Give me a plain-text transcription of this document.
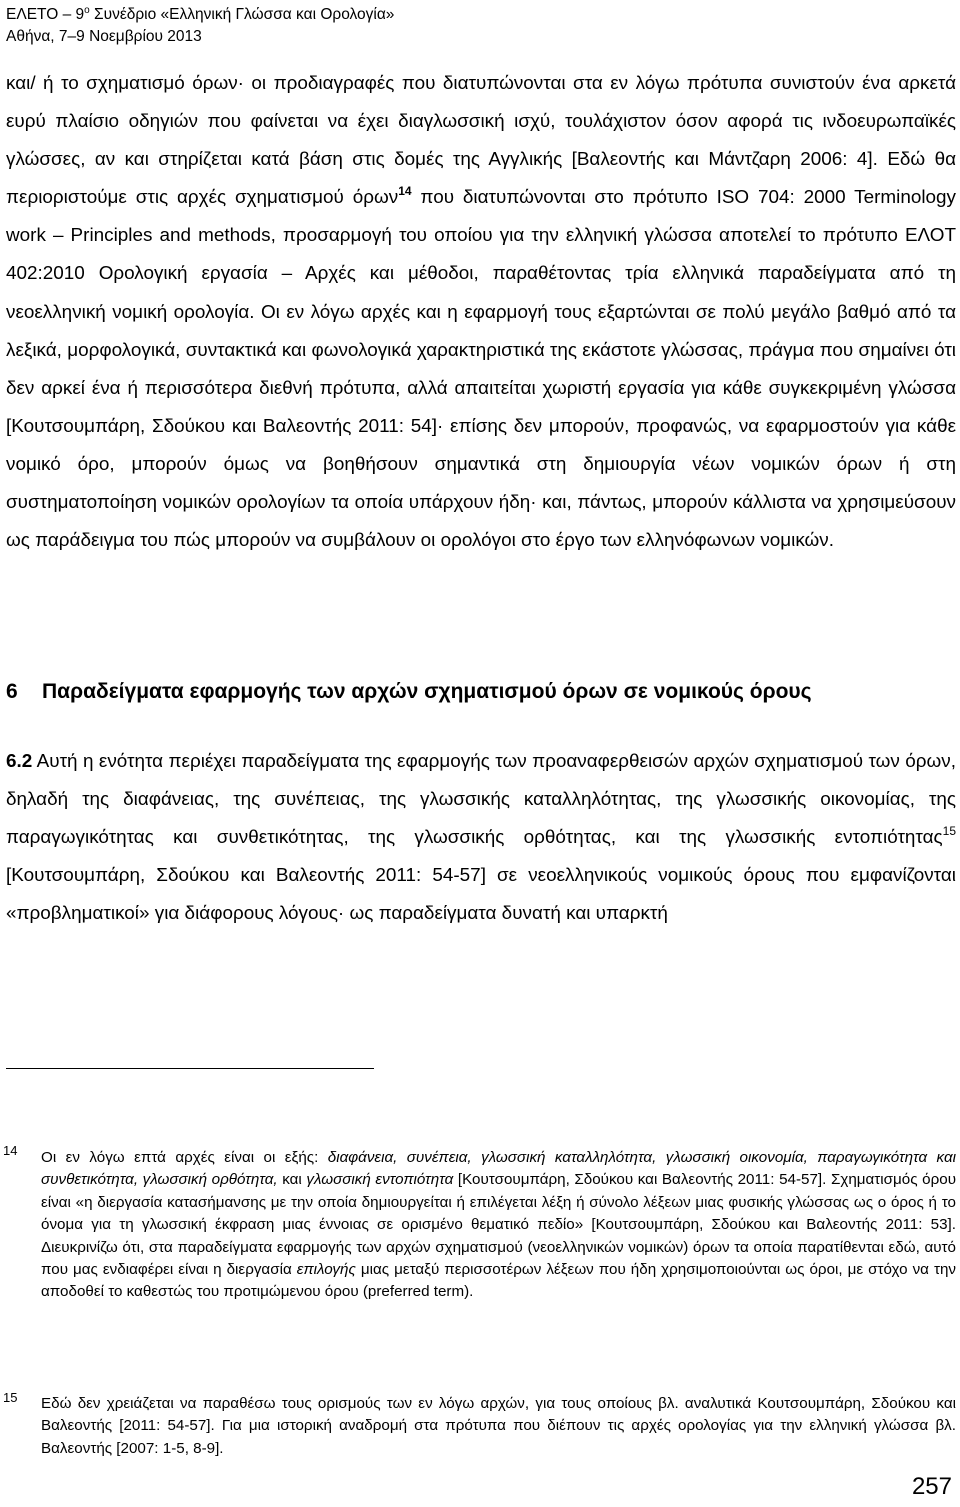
ΕΛΕΤΟ – $9^o$ Συνέδριο «Ελληνική Γλώσσα και Ορολογία»
Αθήνα, 7–9 Νοεμβρίου 2013
και/ ή το σχηματισμό όρων· οι προδιαγραφές που διατυπώνονται στα εν λόγω πρότυπα συνιστούν ένα αρκετά ευρύ πλαίσιο οδηγιών που φαίνεται να έχει διαγλωσσική ισχύ, τουλάχιστον όσον αφορά τις ινδοευρωπαϊκές γλώσσες, αν και στηρίζεται κατά βάση στις δομές της Αγγλικής [Βαλεοντής και Μάντζαρη 2006: 4]. Εδώ θα περιοριστούμε στις αρχές σχηματισμού όρων$^{14}$ που διατυπώνονται στο πρότυπο ISO 704: 2000 Terminology work – Principles and methods, προσαρμογή του οποίου για την ελληνική γλώσσα αποτελεί το πρότυπο ΕΛΟΤ 402:2010 Ορολογική εργασία – Αρχές και μέθοδοι, παραθέτοντας τρία ελληνικά παραδείγματα από τη νεοελληνική νομική ορολογία. Οι εν λόγω αρχές και η εφαρμογή τους εξαρτώνται σε πολύ μεγάλο βαθμό από τα λεξικά, μορφολογικά, συντακτικά και φωνολογικά χαρακτηριστικά της εκάστοτε γλώσσας, πράγμα που σημαίνει ότι δεν αρκεί ένα ή περισσότερα διεθνή πρότυπα, αλλά απαιτείται χωριστή εργασία για κάθε συγκεκριμένη γλώσσα [Κουτσουμπάρη, Σδούκου και Βαλεοντής 2011: 54]· επίσης δεν μπορούν, προφανώς, να εφαρμοστούν για κάθε νομικό όρο, μπορούν όμως να βοηθήσουν σημαντικά στη δημιουργία νέων νομικών όρων ή στη συστηματοποίηση νομικών ορολογίων τα οποία υπάρχουν ήδη· και, πάντως, μπορούν κάλλιστα να χρησιμεύσουν ως παράδειγμα του πώς μπορούν να συμβάλουν οι ορολόγοι στο έργο των ελληνόφωνων νομικών.
6 Παραδείγματα εφαρμογής των αρχών σχηματισμού όρων σε νομικούς όρους
6.2 Αυτή η ενότητα περιέχει παραδείγματα της εφαρμογής των προαναφερθεισών αρχών σχηματισμού των όρων, δηλαδή της διαφάνειας, της συνέπειας, της γλωσσικής καταλληλότητας, της γλωσσικής οικονομίας, της παραγωγικότητας και συνθετικότητας, της γλωσσικής ορθότητας, και της γλωσσικής εντοπιότητας$^{15}$ [Κουτσουμπάρη, Σδούκου και Βαλεοντής 2011: 54-57] σε νεοελληνικούς νομικούς όρους που εμφανίζονται «προβληματικοί» για διάφορους λόγους· ως παραδείγματα δυνατή και υπαρκτή
14 Οι εν λόγω επτά αρχές είναι οι εξής: διαφάνεια, συνέπεια, γλωσσική καταλληλότητα, γλωσσική οικονομία, παραγωγικότητα και συνθετικότητα, γλωσσική ορθότητα, και γλωσσική εντοπιότητα [Κουτσουμπάρη, Σδούκου και Βαλεοντής 2011: 54-57]. Σχηματισμός όρου είναι «η διεργασία κατασήμανσης με την οποία δημιουργείται ή επιλέγεται λέξη ή σύνολο λέξεων μιας φυσικής γλώσσας ως ο όρος ή το όνομα για τη γλωσσική έκφραση μιας έννοιας σε ορισμένο θεματικό πεδίο» [Κουτσουμπάρη, Σδούκου και Βαλεοντής 2011: 53]. Διευκρινίζω ότι, στα παραδείγματα εφαρμογής των αρχών σχηματισμού (νεοελληνικών νομικών) όρων τα οποία παρατίθενται εδώ, αυτό που μας ενδιαφέρει είναι η διεργασία επιλογής μιας μεταξύ περισσοτέρων λέξεων που ήδη χρησιμοποιούνται ως όροι, με στόχο να την αποδοθεί το καθεστώς του προτιμώμενου όρου (preferred term).
15 Εδώ δεν χρειάζεται να παραθέσω τους ορισμούς των εν λόγω αρχών, για τους οποίους βλ. αναλυτικά Κουτσουμπάρη, Σδούκου και Βαλεοντής [2011: 54-57]. Για μια ιστορική αναδρομή στα πρότυπα που διέπουν τις αρχές ορολογίας για την ελληνική γλώσσα βλ. Βαλεοντής [2007: 1-5, 8-9].
257
